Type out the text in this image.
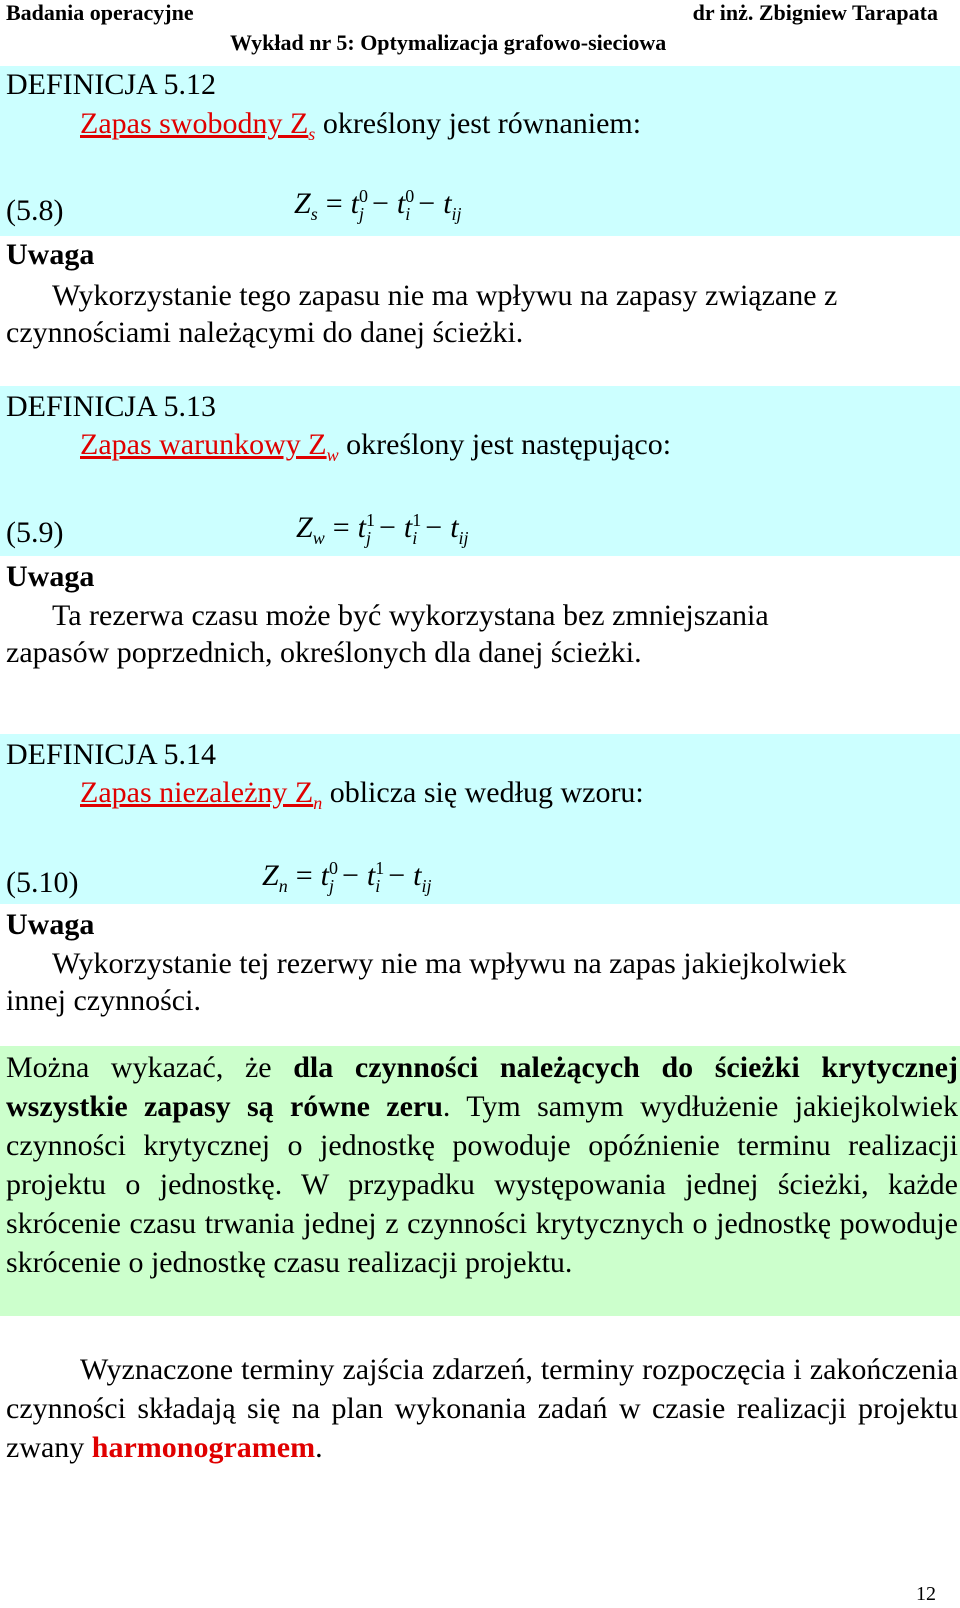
Badania operacyjne	dr inż. Zbigniew Tarapata
Wykład nr 5: Optymalizacja grafowo-sieciowa
DEFINICJA 5.12
Zapas swobodny $Z_s$ określony jest równaniem:
(5.8)	$Z_s = t^0_j - t^0_i - t_{ij}$
Uwaga
Wykorzystanie tego zapasu nie ma wpływu na zapasy związane z
czynnościami należącymi do danej ścieżki.
DEFINICJA 5.13
Zapas warunkowy $Z_w$ określony jest następująco:
(5.9)	$Z_w = t^1_j - t^1_i - t_{ij}$
Uwaga
Ta rezerwa czasu może być wykorzystana bez zmniejszania
zapasów poprzednich, określonych dla danej ścieżki.
DEFINICJA 5.14
Zapas niezależny $Z_n$ oblicza się według wzoru:
(5.10)	$Z_n = t^0_j - t^1_i - t_{ij}$
Uwaga
Wykorzystanie tej rezerwy nie ma wpływu na zapas jakiejkolwiek
innej czynności.
Można wykazać, że dla czynności należących do ścieżki krytycznej wszystkie zapasy są równe zeru. Tym samym wydłużenie jakiejkolwiek czynności krytycznej o jednostkę powoduje opóźnienie terminu realizacji projektu o jednostkę. W przypadku występowania jednej ścieżki, każde skrócenie czasu trwania jednej z czynności krytycznych o jednostkę powoduje skrócenie o jednostkę czasu realizacji projektu.
Wyznaczone terminy zajścia zdarzeń, terminy rozpoczęcia i zakończenia czynności składają się na plan wykonania zadań w czasie realizacji projektu zwany harmonogramem.
12
